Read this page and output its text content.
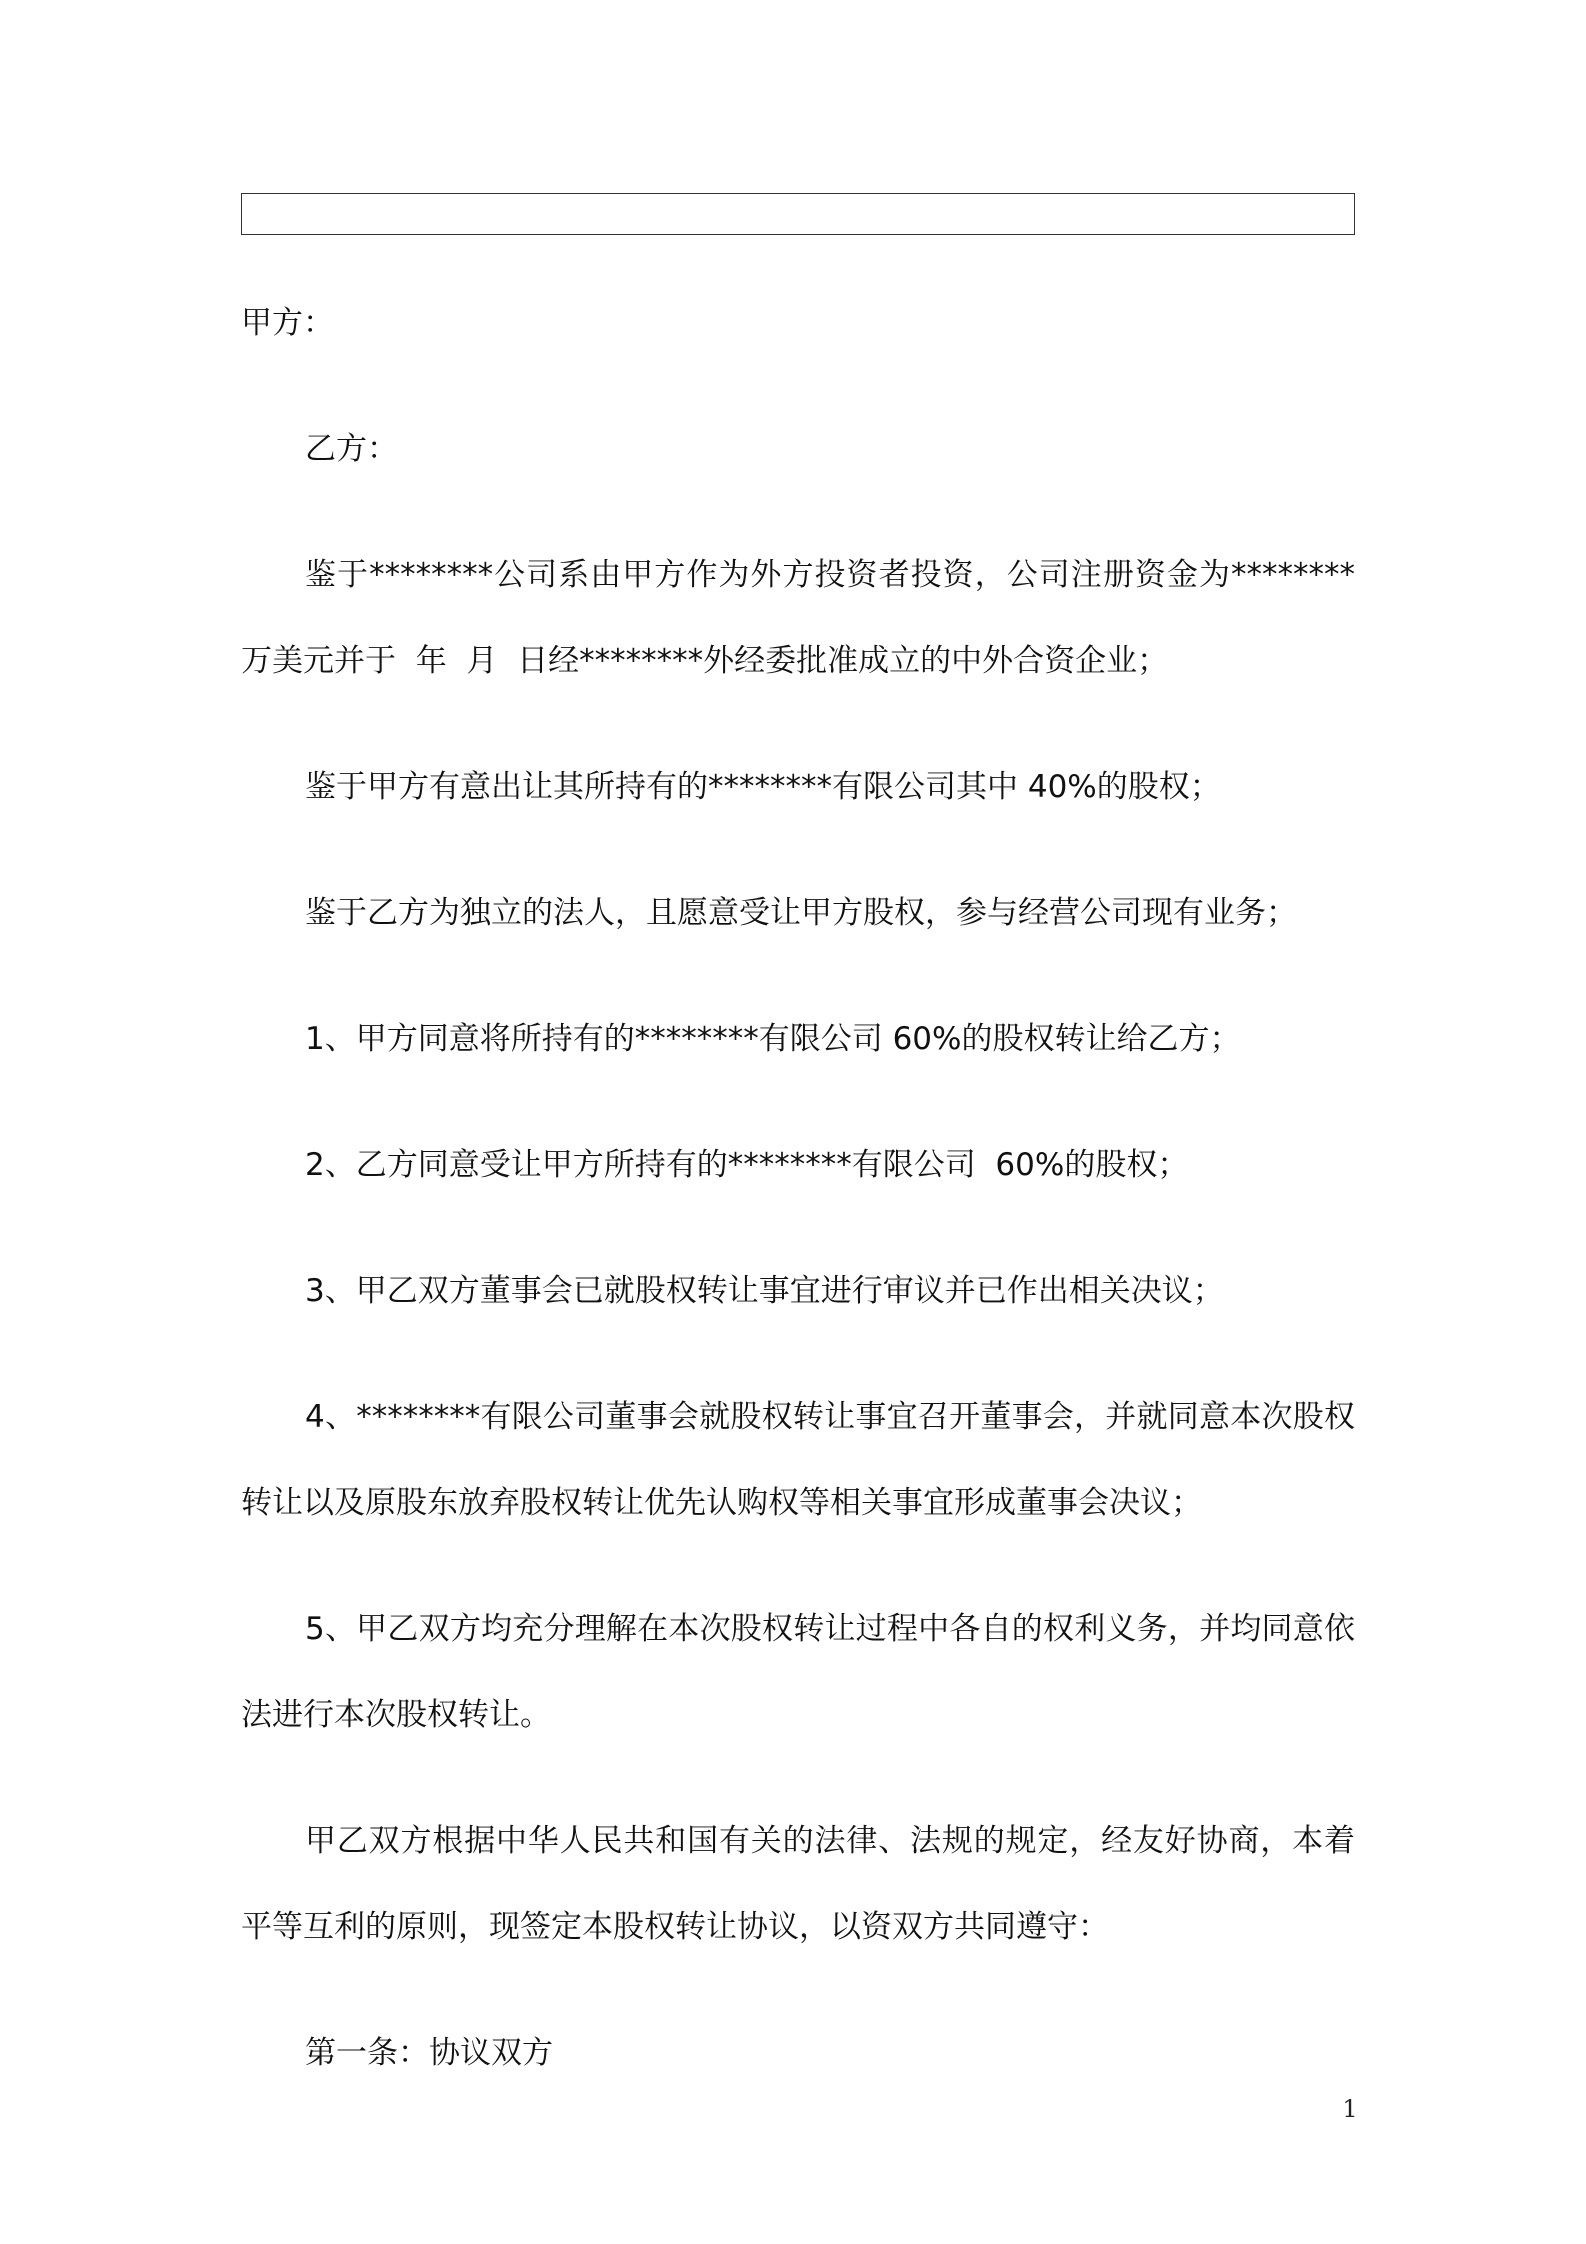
甲方：

乙方：

鉴于********公司系由甲方作为外方投资者投资，公司注册资金为********万美元并于  年  月  日经********外经委批准成立的中外合资企业；

鉴于甲方有意出让其所持有的********有限公司其中 40%的股权；

鉴于乙方为独立的法人，且愿意受让甲方股权，参与经营公司现有业务；

1、甲方同意将所持有的********有限公司 60%的股权转让给乙方；

2、乙方同意受让甲方所持有的********有限公司  60%的股权；

3、甲乙双方董事会已就股权转让事宜进行审议并已作出相关决议；

4、********有限公司董事会就股权转让事宜召开董事会，并就同意本次股权转让以及原股东放弃股权转让优先认购权等相关事宜形成董事会决议；

5、甲乙双方均充分理解在本次股权转让过程中各自的权利义务，并均同意依法进行本次股权转让。

甲乙双方根据中华人民共和国有关的法律、法规的规定，经友好协商，本着平等互利的原则，现签定本股权转让协议，以资双方共同遵守：

第一条：协议双方

1
